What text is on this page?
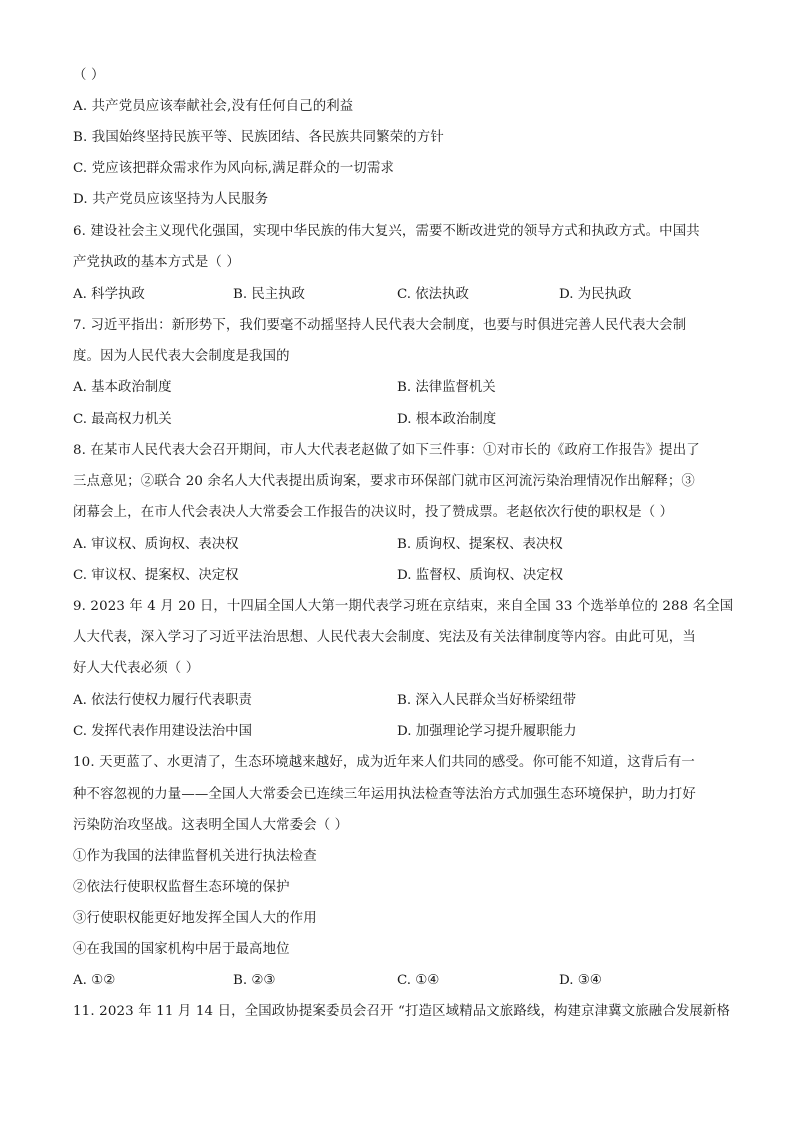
（ ）
A. 共产党员应该奉献社会,没有任何自己的利益
B. 我国始终坚持民族平等、民族团结、各民族共同繁荣的方针
C. 党应该把群众需求作为风向标,满足群众的一切需求
D. 共产党员应该坚持为人民服务
6. 建设社会主义现代化强国，实现中华民族的伟大复兴，需要不断改进党的领导方式和执政方式。中国共
产党执政的基本方式是（ ）
A. 科学执政	B. 民主执政	C. 依法执政	D. 为民执政
7. 习近平指出：新形势下，我们要毫不动摇坚持人民代表大会制度，也要与时俱进完善人民代表大会制
度。因为人民代表大会制度是我国的
A. 基本政治制度	B. 法律监督机关
C. 最高权力机关	D. 根本政治制度
8. 在某市人民代表大会召开期间，市人大代表老赵做了如下三件事：①对市长的《政府工作报告》提出了
三点意见；②联合 20 余名人大代表提出质询案，要求市环保部门就市区河流污染治理情况作出解释；③
闭幕会上，在市人代会表决人大常委会工作报告的决议时，投了赞成票。老赵依次行使的职权是（ ）
A. 审议权、质询权、表决权	B. 质询权、提案权、表决权
C. 审议权、提案权、决定权	D. 监督权、质询权、决定权
9. 2023 年 4 月 20 日，十四届全国人大第一期代表学习班在京结束，来自全国 33 个选举单位的 288 名全国
人大代表，深入学习了习近平法治思想、人民代表大会制度、宪法及有关法律制度等内容。由此可见，当
好人大代表必须（ ）
A. 依法行使权力履行代表职责	B. 深入人民群众当好桥梁纽带
C. 发挥代表作用建设法治中国	D. 加强理论学习提升履职能力
10. 天更蓝了、水更清了，生态环境越来越好，成为近年来人们共同的感受。你可能不知道，这背后有一
种不容忽视的力量——全国人大常委会已连续三年运用执法检查等法治方式加强生态环境保护，助力打好
污染防治攻坚战。这表明全国人大常委会（ ）
①作为我国的法律监督机关进行执法检查
②依法行使职权监督生态环境的保护
③行使职权能更好地发挥全国人大的作用
④在我国的国家机构中居于最高地位
A. ①②	B. ②③	C. ①④	D. ③④
11. 2023 年 11 月 14 日，全国政协提案委员会召开 “打造区域精品文旅路线，构建京津冀文旅融合发展新格
